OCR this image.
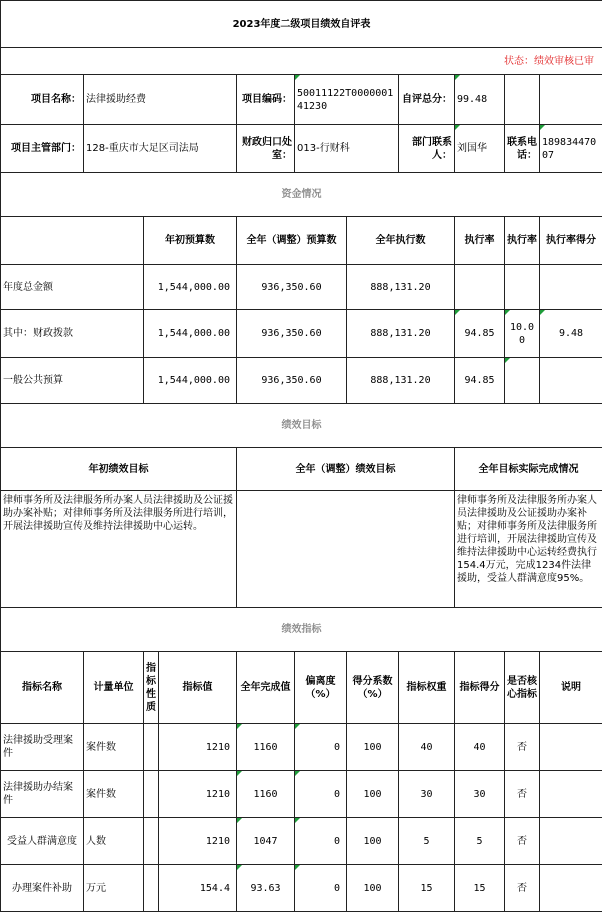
2023年度二级项目绩效自评表										
状态：绩效审核已审										
项目名称：	法律援助经费			项目编码：	50011122T000000141230		自评总分：	99.48		
项目主管部门：	128-重庆市大足区司法局			财政归口处室：	013-行财科		部门联系人：	刘国华	联系电话：	18983447007
资金情况										
		年初预算数		全年（调整）预算数		全年执行数		执行率	执行率	执行率得分
年度总金额		1,544,000.00		936,350.60		888,131.20				
其中：财政拨款		1,544,000.00		936,350.60		888,131.20		94.85	10.00	9.48
一般公共预算		1,544,000.00		936,350.60		888,131.20		94.85		
绩效目标										
年初绩效目标				全年（调整）绩效目标				全年目标实际完成情况		
律师事务所及法律服务所办案人员法律援助及公证援助办案补贴；对律师事务所及法律服务所进行培训，开展法律援助宣传及维持法律援助中心运转。								律师事务所及法律服务所办案人员法律援助及公证援助办案补贴；对律师事务所及法律服务所进行培训，开展法律援助宣传及维持法律援助中心运转经费执行154.4万元，完成1234件法律援助，受益人群满意度95%。		
绩效指标										
指标名称	计量单位	指标性质	指标值	全年完成值	偏离度（%）	得分系数（%）	指标权重	指标得分	是否核心指标	说明
法律援助受理案件	案件数		1210	1160	0	100	40	40	否	
法律援助办结案件	案件数		1210	1160	0	100	30	30	否	
受益人群满意度	人数		1210	1047	0	100	5	5	否	
办理案件补助	万元		154.4	93.63	0	100	15	15	否	
